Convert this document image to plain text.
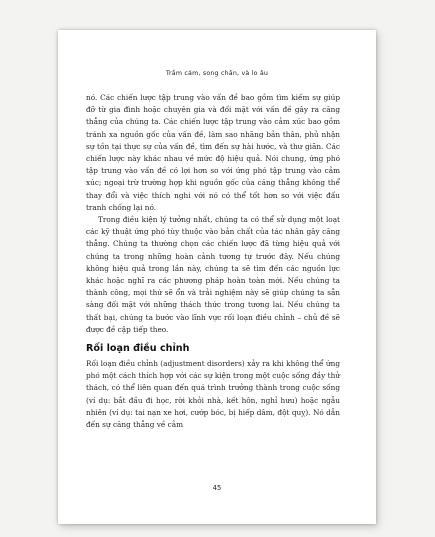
Trầm cảm, song chấn, và lo âu

nó. Các chiến lược tập trung vào vấn đề bao gồm tìm kiếm sự giúp đỡ từ gia đình hoặc chuyên gia và đối mặt với vấn đề gây ra căng thẳng của chúng ta. Các chiến lược tập trung vào cảm xúc bao gồm tránh xa nguồn gốc của vấn đề, làm sao nhãng bản thân, phủ nhận sự tồn tại thực sự của vấn đề, tìm đến sự hài hước, và thư giãn. Các chiến lược này khác nhau về mức độ hiệu quả. Nói chung, ứng phó tập trung vào vấn đề có lợi hơn so với ứng phó tập trung vào cảm xúc; ngoại trừ trường hợp khi nguồn gốc của căng thẳng không thể thay đổi và việc thích nghi với nó có thể tốt hơn so với việc đấu tranh chống lại nó.

Trong điều kiện lý tưởng nhất, chúng ta có thể sử dụng một loạt các kỹ thuật ứng phó tùy thuộc vào bản chất của tác nhân gây căng thẳng. Chúng ta thường chọn các chiến lược đã từng hiệu quả với chúng ta trong những hoàn cảnh tương tự trước đây. Nếu chúng không hiệu quả trong lần này, chúng ta sẽ tìm đến các nguồn lực khác hoặc nghĩ ra các phương pháp hoàn toàn mới. Nếu chúng ta thành công, mọi thứ sẽ ổn và trải nghiệm này sẽ giúp chúng ta sẵn sàng đối mặt với những thách thức trong tương lai. Nếu chúng ta thất bại, chúng ta bước vào lĩnh vực rối loạn điều chỉnh – chủ đề sẽ được đề cập tiếp theo.

Rối loạn điều chỉnh

Rối loạn điều chỉnh (adjustment disorders) xảy ra khi không thể ứng phó một cách thích hợp với các sự kiện trong một cuộc sống đầy thử thách, có thể liên quan đến quá trình trưởng thành trong cuộc sống (ví dụ: bắt đầu đi học, rời khỏi nhà, kết hôn, nghỉ hưu) hoặc ngẫu nhiên (ví dụ: tai nạn xe hơi, cướp bóc, bị hiếp dâm, đột quỵ). Nó dẫn đến sự căng thẳng về cảm

45
